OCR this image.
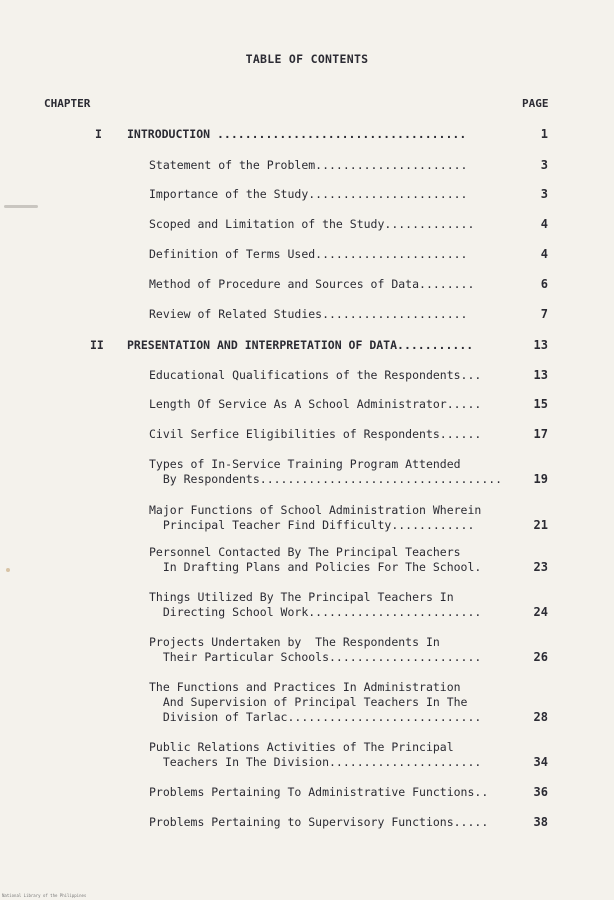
TABLE OF CONTENTS
CHAPTER	PAGE
I INTRODUCTION ....................................	1
Statement of the Problem......................	3
Importance of the Study.......................	3
Scoped and Limitation of the Study.............	4
Definition of Terms Used......................	4
Method of Procedure and Sources of Data........	6
Review of Related Studies.....................	7
II PRESENTATION AND INTERPRETATION OF DATA...........	13
Educational Qualifications of the Respondents...	13
Length Of Service As A School Administrator.....	15
Civil Serfice Eligibilities of Respondents......	17
Types of In-Service Training Program Attended
By Respondents...................................	19
Major Functions of School Administration Wherein
Principal Teacher Find Difficulty............	21
Personnel Contacted By The Principal Teachers
In Drafting Plans and Policies For The School.	23
Things Utilized By The Principal Teachers In
Directing School Work.........................	24
Projects Undertaken by  The Respondents In
Their Particular Schools......................	26
The Functions and Practices In Administration
And Supervision of Principal Teachers In The
Division of Tarlac............................	28
Public Relations Activities of The Principal
Teachers In The Division......................	34
Problems Pertaining To Administrative Functions..	36
Problems Pertaining to Supervisory Functions.....	38
National Library of the Philippines
